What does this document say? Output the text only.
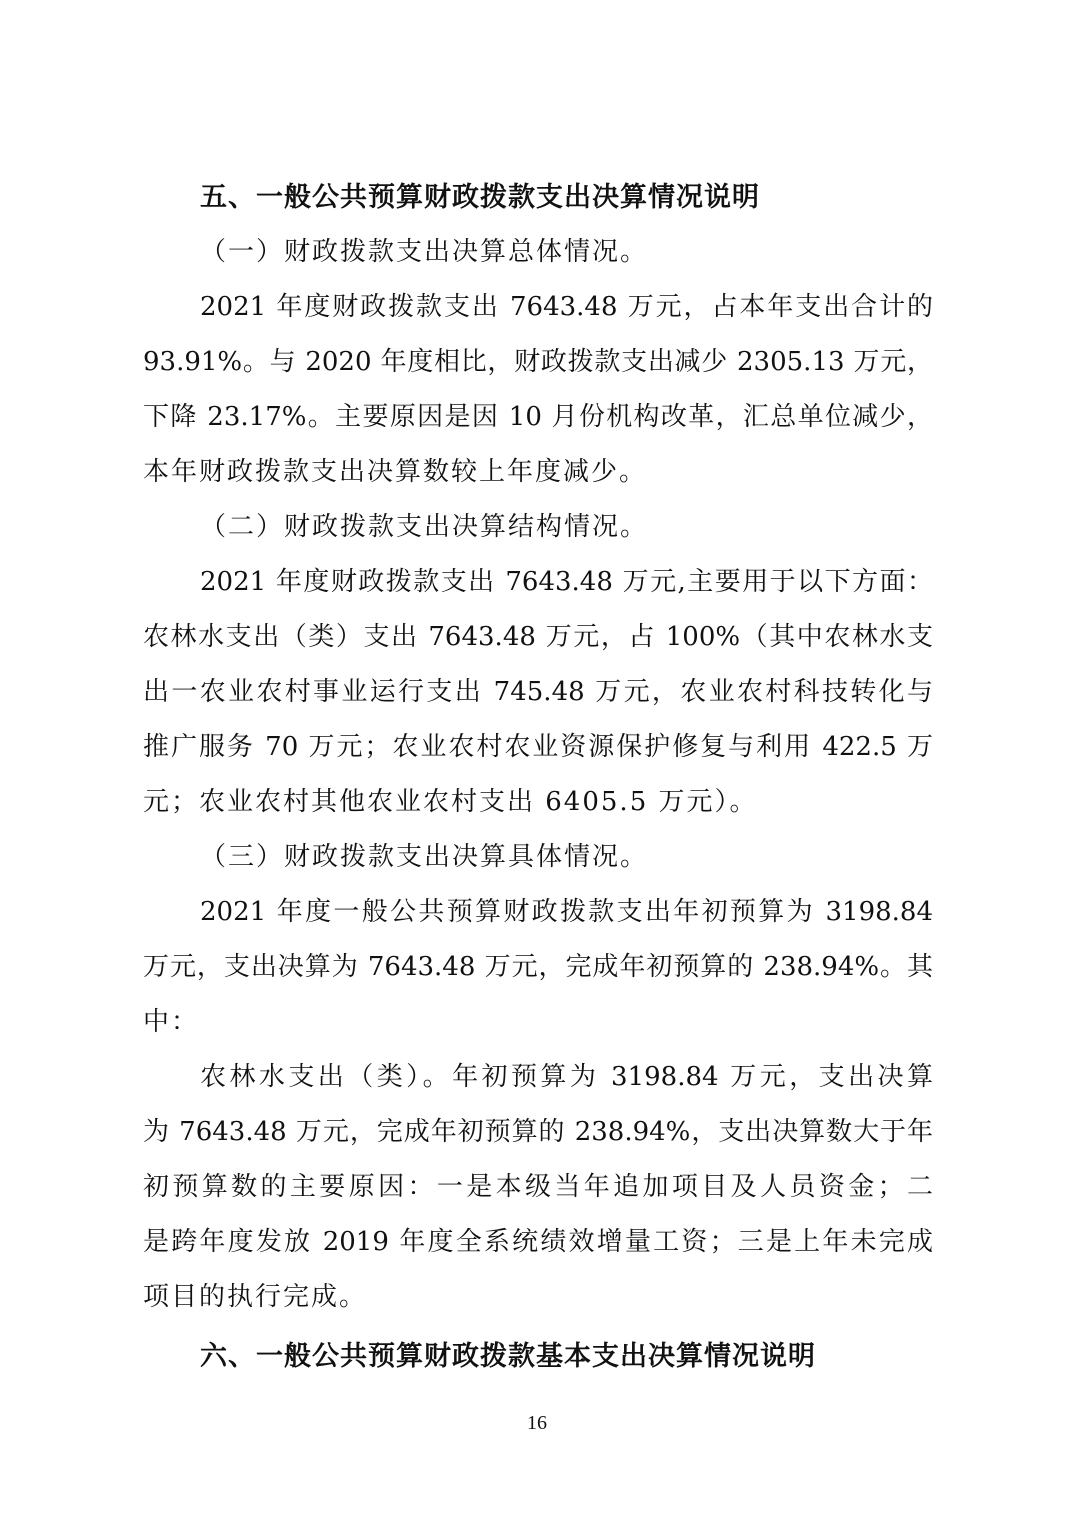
五、一般公共预算财政拨款支出决算情况说明
（一）财政拨款支出决算总体情况。
2021 年度财政拨款支出 7643.48 万元，占本年支出合计的
93.91%。与 2020 年度相比，财政拨款支出减少 2305.13 万元，
下降 23.17%。主要原因是因 10 月份机构改革，汇总单位减少，
本年财政拨款支出决算数较上年度减少。
（二）财政拨款支出决算结构情况。
2021 年度财政拨款支出 7643.48 万元,主要用于以下方面：
农林水支出（类）支出 7643.48 万元，占 100%（其中农林水支
出一农业农村事业运行支出 745.48 万元，农业农村科技转化与
推广服务 70 万元；农业农村农业资源保护修复与利用 422.5 万
元；农业农村其他农业农村支出 6405.5 万元）。
（三）财政拨款支出决算具体情况。
2021 年度一般公共预算财政拨款支出年初预算为 3198.84
万元，支出决算为 7643.48 万元，完成年初预算的 238.94%。其
中：
农林水支出（类）。年初预算为 3198.84 万元，支出决算
为 7643.48 万元，完成年初预算的 238.94%，支出决算数大于年
初预算数的主要原因：一是本级当年追加项目及人员资金；二
是跨年度发放 2019 年度全系统绩效增量工资；三是上年未完成
项目的执行完成。
六、一般公共预算财政拨款基本支出决算情况说明
16
